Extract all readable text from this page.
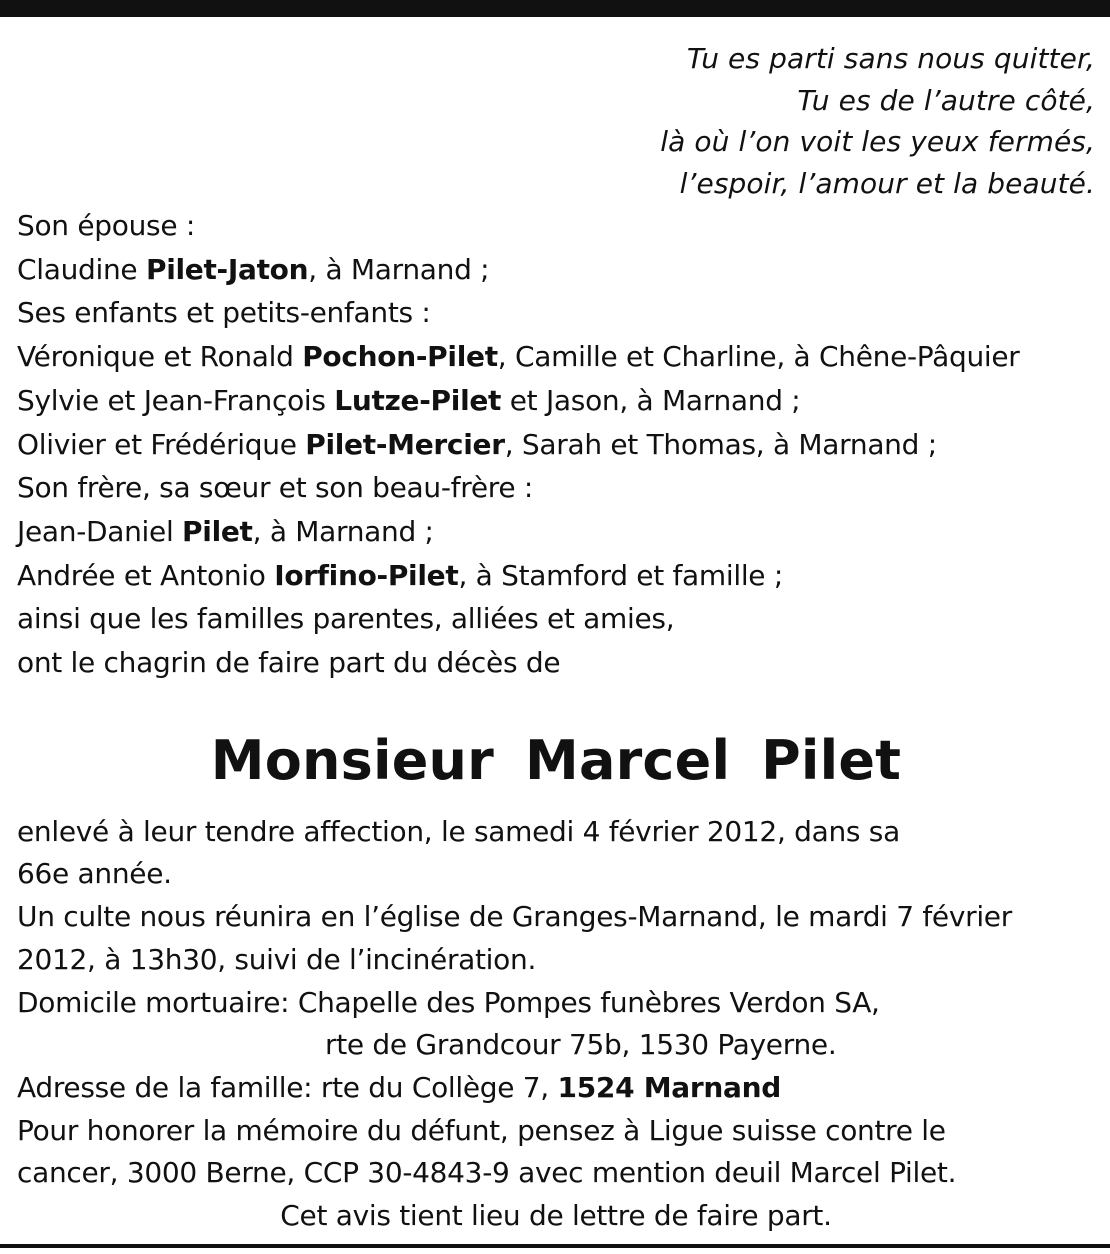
Tu es parti sans nous quitter,
Tu es de l’autre côté,
là où l’on voit les yeux fermés,
l’espoir, l’amour et la beauté.

Son épouse :

Claudine Pilet-Jaton, à Marnand ;

Ses enfants et petits-enfants :

Véronique et Ronald Pochon-Pilet, Camille et Charline, à Chêne-Pâquier

Sylvie et Jean-François Lutze-Pilet et Jason, à Marnand ;

Olivier et Frédérique Pilet-Mercier, Sarah et Thomas, à Marnand ;

Son frère, sa sœur et son beau-frère :

Jean-Daniel Pilet, à Marnand ;

Andrée et Antonio Iorfino-Pilet, à Stamford et famille ;

ainsi que les familles parentes, alliées et amies,

ont le chagrin de faire part du décès de

Monsieur Marcel Pilet

enlevé à leur tendre affection, le samedi 4 février 2012, dans sa

66e année.

Un culte nous réunira en l’église de Granges-Marnand, le mardi 7 février

2012, à 13h30, suivi de l’incinération.

Domicile mortuaire: Chapelle des Pompes funèbres Verdon SA,

rte de Grandcour 75b, 1530 Payerne.

Adresse de la famille: rte du Collège 7, 1524 Marnand

Pour honorer la mémoire du défunt, pensez à Ligue suisse contre le

cancer, 3000 Berne, CCP 30-4843-9 avec mention deuil Marcel Pilet.

Cet avis tient lieu de lettre de faire part.
